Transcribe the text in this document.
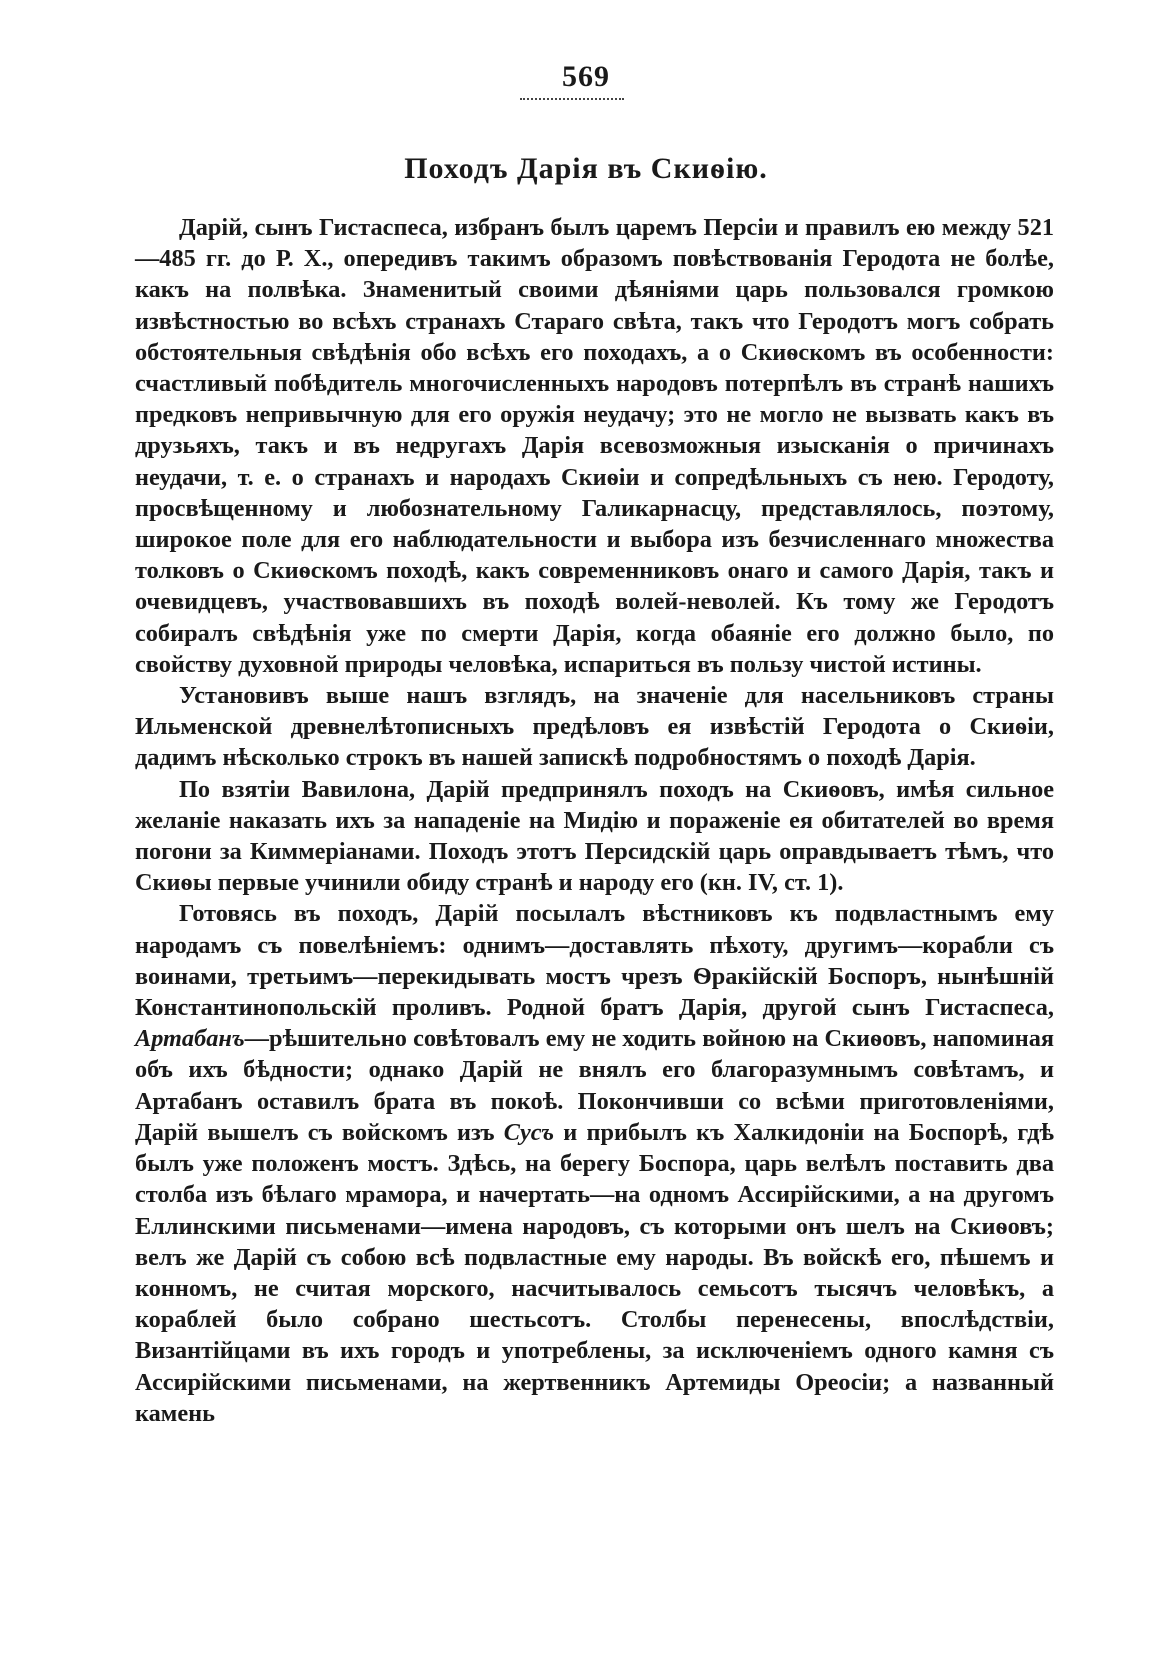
569
Походъ Дарія въ Скиѳію.

Дарій, сынъ Гистаспеса, избранъ былъ царемъ Персіи и правилъ ею между 521—485 гг. до Р. Х., опередивъ такимъ образомъ повѣствованія Геродота не болѣе, какъ на полвѣка. Знаменитый своими дѣяніями царь пользовался громкою извѣстностью во всѣхъ странахъ Стараго свѣта, такъ что Геродотъ могъ собрать обстоятельныя свѣдѣнія обо всѣхъ его походахъ, а о Скиѳскомъ въ особенности: счастливый побѣдитель многочисленныхъ народовъ потерпѣлъ въ странѣ нашихъ предковъ непривычную для его оружія неудачу; это не могло не вызвать какъ въ друзьяхъ, такъ и въ недругахъ Дарія всевозможныя изысканія о причинахъ неудачи, т. е. о странахъ и народахъ Скиѳіи и сопредѣльныхъ съ нею. Геродоту, просвѣщенному и любознательному Галикарнасцу, представлялось, поэтому, широкое поле для его наблюдательности и выбора изъ безчисленнаго множества толковъ о Скиѳскомъ походѣ, какъ современниковъ онаго и самого Дарія, такъ и очевидцевъ, участвовавшихъ въ походѣ волей-неволей. Къ тому же Геродотъ собиралъ свѣдѣнія уже по смерти Дарія, когда обаяніе его должно было, по свойству духовной природы человѣка, испариться въ пользу чистой истины.

Установивъ выше нашъ взглядъ, на значеніе для насельниковъ страны Ильменской древнелѣтописныхъ предѣловъ ея извѣстій Геродота о Скиѳіи, дадимъ нѣсколько строкъ въ нашей запискѣ подробностямъ о походѣ Дарія.

По взятіи Вавилона, Дарій предпринялъ походъ на Скиѳовъ, имѣя сильное желаніе наказать ихъ за нападеніе на Мидію и пораженіе ея обитателей во время погони за Киммеріанами. Походъ этотъ Персидскій царь оправдываетъ тѣмъ, что Скиѳы первые учинили обиду странѣ и народу его (кн. IV, ст. 1).

Готовясь въ походъ, Дарій посылалъ вѣстниковъ къ подвластнымъ ему народамъ съ повелѣніемъ: однимъ—доставлять пѣхоту, другимъ—корабли съ воинами, третьимъ—перекидывать мостъ чрезъ Ѳракійскій Боспоръ, нынѣшній Константинопольскій проливъ. Родной братъ Дарія, другой сынъ Гистаспеса, Артабанъ—рѣшительно совѣтовалъ ему не ходить войною на Скиѳовъ, напоминая объ ихъ бѣдности; однако Дарій не внялъ его благоразумнымъ совѣтамъ, и Артабанъ оставилъ брата въ покоѣ. Покончивши со всѣми приготовленіями, Дарій вышелъ съ войскомъ изъ Сусъ и прибылъ къ Халкидоніи на Боспорѣ, гдѣ былъ уже положенъ мостъ. Здѣсь, на берегу Боспора, царь велѣлъ поставить два столба изъ бѣлаго мрамора, и начертать—на одномъ Ассирійскими, а на другомъ Еллинскими письменами—имена народовъ, съ которыми онъ шелъ на Скиѳовъ; велъ же Дарій съ собою всѣ подвластные ему народы. Въ войскѣ его, пѣшемъ и конномъ, не считая морского, насчитывалось семьсотъ тысячъ человѣкъ, а кораблей было собрано шестьсотъ. Столбы перенесены, впослѣдствіи, Византійцами въ ихъ городъ и употреблены, за исключеніемъ одного камня съ Ассирійскими письменами, на жертвенникъ Артемиды Ореосіи; а названный камень
